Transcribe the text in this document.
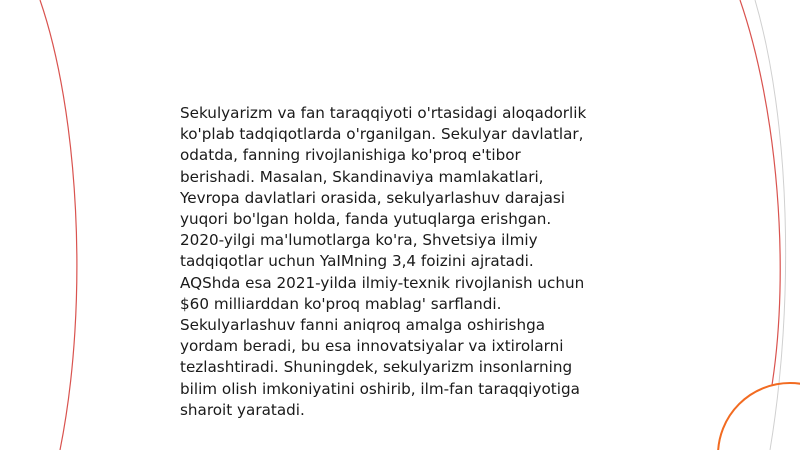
Sekulyarizm va fan taraqqiyoti o'rtasidagi aloqadorlik
ko'plab tadqiqotlarda o'rganilgan. Sekulyar davlatlar,
odatda, fanning rivojlanishiga ko'proq e'tibor
berishadi. Masalan, Skandinaviya mamlakatlari,
Yevropa davlatlari orasida, sekulyarlashuv darajasi
yuqori bo'lgan holda, fanda yutuqlarga erishgan.
2020-yilgi ma'lumotlarga ko'ra, Shvetsiya ilmiy
tadqiqotlar uchun YaIMning 3,4 foizini ajratadi.
AQShda esa 2021-yilda ilmiy-texnik rivojlanish uchun
$60 milliarddan ko'proq mablag' sarflandi.
Sekulyarlashuv fanni aniqroq amalga oshirishga
yordam beradi, bu esa innovatsiyalar va ixtirolarni
tezlashtiradi. Shuningdek, sekulyarizm insonlarning
bilim olish imkoniyatini oshirib, ilm-fan taraqqiyotiga
sharoit yaratadi.
